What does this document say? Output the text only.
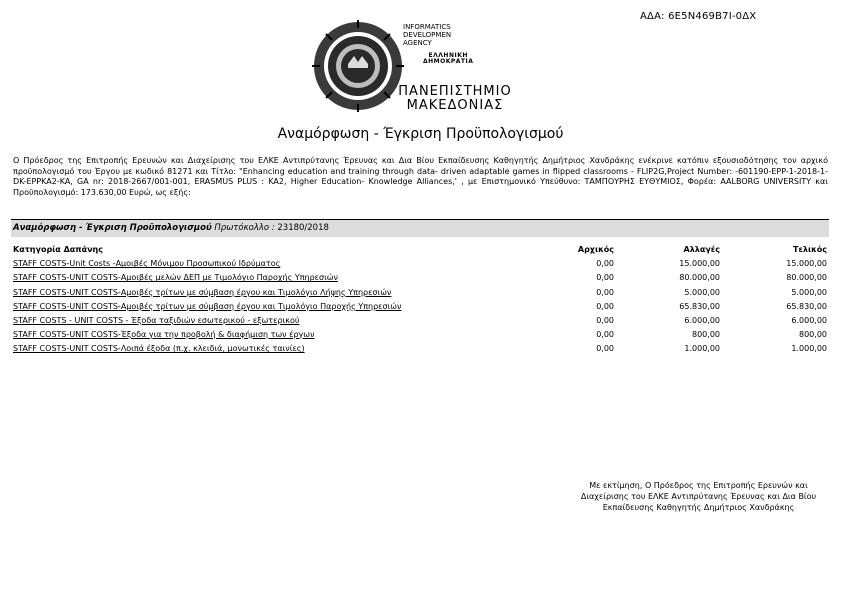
ΑΔΑ: 6Ε5Ν469Β7Ι-0ΔΧ
INFORMATICS
DEVELOPMEN
AGENCY
ΕΛΛΗΝΙΚΗ
ΔΗΜΟΚΡΑΤΙΑ
ΠΑΝΕΠΙΣΤΗΜΙΟ
ΜΑΚΕΔΟΝΙΑΣ
Αναμόρφωση - Έγκριση Προϋπολογισμού
Ο Πρόεδρος της Επιτροπής Ερευνών και Διαχείρισης του ΕΛΚΕ Αντιπρύτανης Έρευνας και Δια Βίου Εκπαίδευσης Καθηγητής Δημήτριος Χανδράκης ενέκρινε κατόπιν εξουσιοδότησης τον αρχικό προϋπολογισμό του Έργου με κωδικό 81271 και Τίτλο: "Enhancing education and training through data- driven adaptable games in flipped classrooms - FLIP2G,Project Number: -601190-EPP-1-2018-1-DK-EPPKA2-KA, GA nr: 2018-2667/001-001, ERASMUS PLUS : KA2, Higher Education- Knowledge Alliances,' , με Επιστημονικό Υπεύθυνο: ΤΑΜΠΟΥΡΗΣ ΕΥΘΥΜΙΟΣ, Φορέα: AALBORG UNIVERSITY και Προϋπολογισμό: 173.630,00 Ευρώ, ως εξής:
Αναμόρφωση - Έγκριση Προϋπολογισμού Πρωτόκολλο : 23180/2018
Κατηγορία Δαπάνης	Αρχικός	Αλλαγές	Τελικός
STAFF COSTS-Unit Costs -Αμοιβές Μόνιμου Προσωπικού Ιδρύματος	0,00	15.000,00	15.000,00
STAFF COSTS-UNIT COSTS-Αμοιβές μελών ΔΕΠ με Τιμολόγιο Παροχής Υπηρεσιών	0,00	80.000,00	80.000,00
STAFF COSTS-UNIT COSTS-Αμοιβές τρίτων με σύμβαση έργου και Τιμολόγιο Λήψης Υπηρεσιών	0,00	5.000,00	5.000,00
STAFF COSTS-UNIT COSTS-Αμοιβές τρίτων με σύμβαση έργου και Τιμολόγιο Παροχής Υπηρεσιών	0,00	65.830,00	65.830,00
STAFF COSTS - UNIT COSTS - Έξοδα ταξιδιών εσωτερικού - εξωτερικού	0,00	6.000,00	6.000,00
STAFF COSTS-UNIT COSTS-Έξοδα για την προβολή & διαφήμιση των έργων	0,00	800,00	800,00
STAFF COSTS-UNIT COSTS-Λοιπά έξοδα (π.χ. κλειδιά, μονωτικές ταινίες)	0,00	1.000,00	1.000,00
Με εκτίμηση, Ο Πρόεδρος της Επιτροπής Ερευνών και Διαχείρισης του ΕΛΚΕ Αντιπρύτανης Έρευνας και Δια Βίου Εκπαίδευσης Καθηγητής Δημήτριος Χανδράκης
